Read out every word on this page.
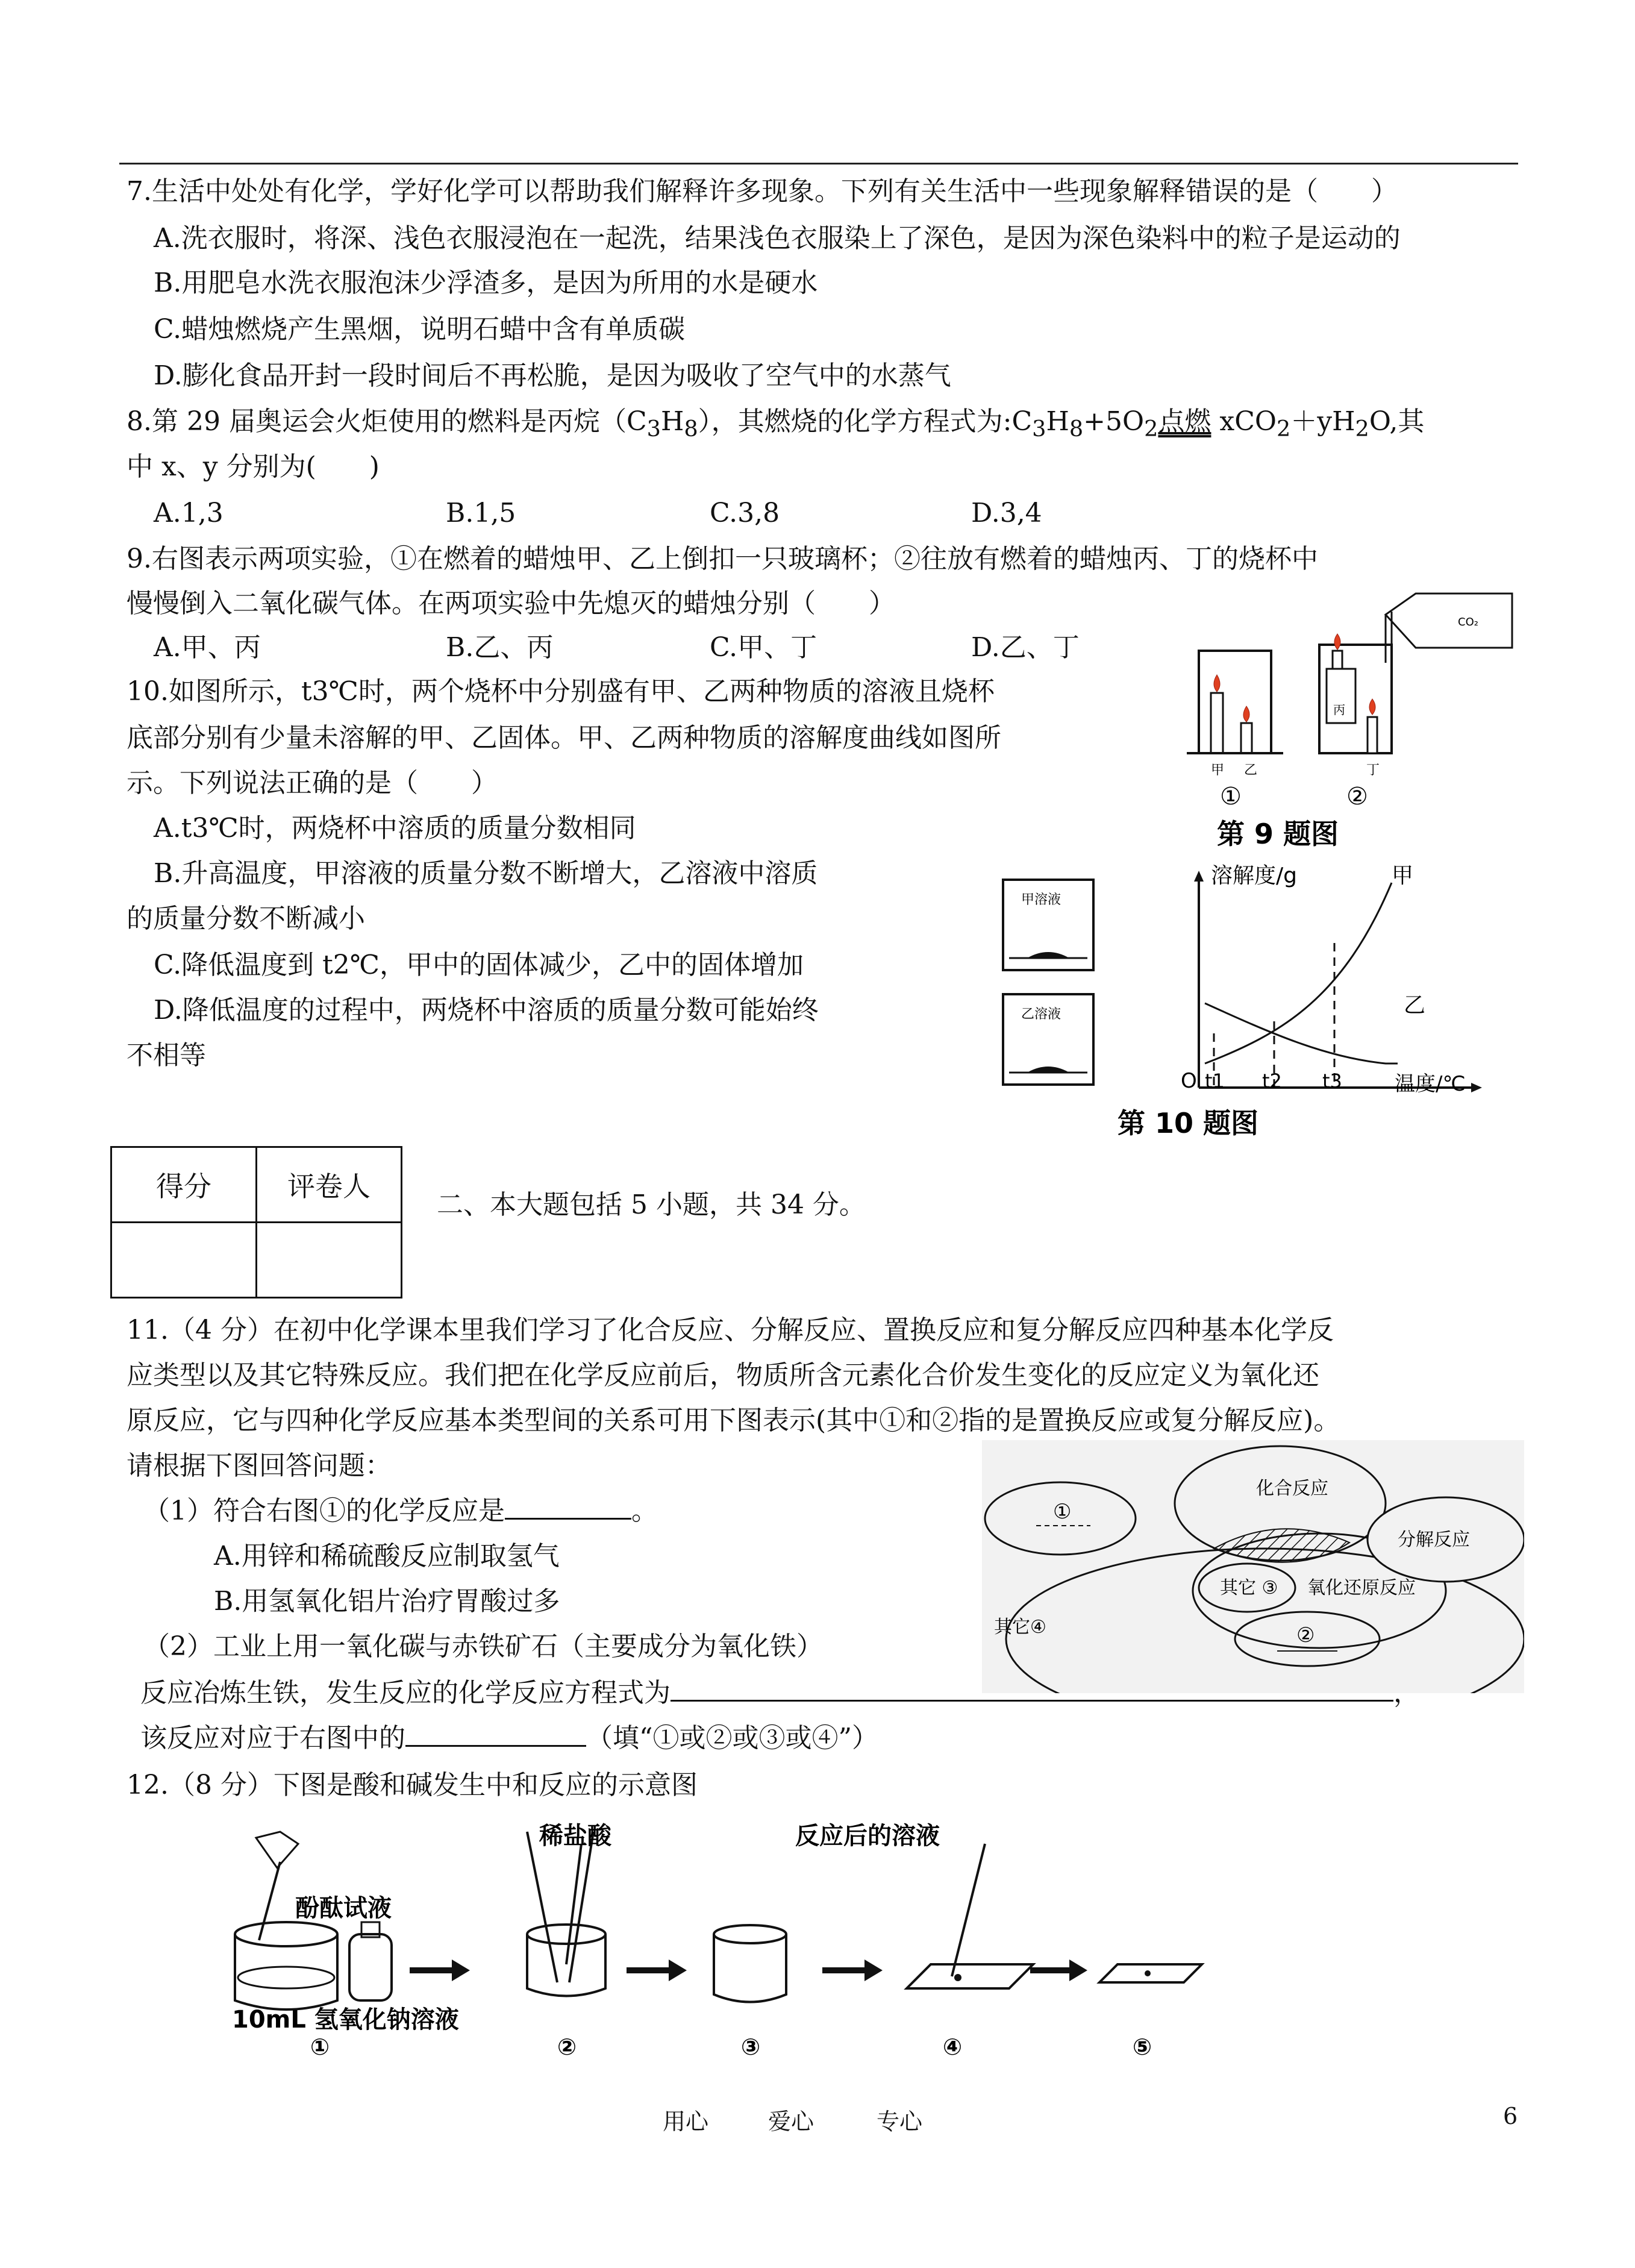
7.生活中处处有化学，学好化学可以帮助我们解释许多现象。下列有关生活中一些现象解释错误的是（　　）
A.洗衣服时，将深、浅色衣服浸泡在一起洗，结果浅色衣服染上了深色，是因为深色染料中的粒子是运动的
B.用肥皂水洗衣服泡沫少浮渣多，是因为所用的水是硬水
C.蜡烛燃烧产生黑烟，说明石蜡中含有单质碳
D.膨化食品开封一段时间后不再松脆，是因为吸收了空气中的水蒸气
8.第 29 届奥运会火炬使用的燃料是丙烷$(C_3H_8)$，其燃烧的化学方程式为$:C_3H_8+5O_2$点燃 $xCO_2+yH_2O$,其
中 x、y 分别为(　　)
A.1,3	B.1,5	C.3,8	D.3,4
9.右图表示两项实验，①在燃着的蜡烛甲、乙上倒扣一只玻璃杯；②往放有燃着的蜡烛丙、丁的烧杯中
慢慢倒入二氧化碳气体。在两项实验中先熄灭的蜡烛分别（　　）
A.甲、丙	B.乙、丙	C.甲、丁	D.乙、丁
甲 乙
①
丙
丁
②
CO₂
第 9 题图
10.如图所示，t3℃时，两个烧杯中分别盛有甲、乙两种物质的溶液且烧杯
底部分别有少量未溶解的甲、乙固体。甲、乙两种物质的溶解度曲线如图所
示。下列说法正确的是（　　）
A.t3℃时，两烧杯中溶质的质量分数相同
B.升高温度，甲溶液的质量分数不断增大，乙溶液中溶质
的质量分数不断减小
C.降低温度到 t2℃，甲中的固体减少，乙中的固体增加
D.降低温度的过程中，两烧杯中溶质的质量分数可能始终
不相等
甲溶液
乙溶液
溶解度/g	甲
乙
O t1 t2 t3	温度/℃
第 10 题图
得分	评卷人

二、本大题包括 5 小题，共 34 分。
11.（4 分）在初中化学课本里我们学习了化合反应、分解反应、置换反应和复分解反应四种基本化学反
应类型以及其它特殊反应。我们把在化学反应前后，物质所含元素化合价发生变化的反应定义为氧化还
原反应，它与四种化学反应基本类型间的关系可用下图表示(其中①和②指的是置换反应或复分解反应)。
请根据下图回答问题：
（1）符合右图①的化学反应是	。
A.用锌和稀硫酸反应制取氢气
B.用氢氧化铝片治疗胃酸过多
（2）工业上用一氧化碳与赤铁矿石（主要成分为氧化铁）
反应冶炼生铁，发生反应的化学反应方程式为
该反应对应于右图中的	（填“①或②或③或④”）
化合反应
分解反应
其它 ③ 氧化还原反应
其它④
①
②
12.（8 分）下图是酸和碱发生中和反应的示意图
酚酞试液
10mL 氢氧化钠溶液
①
稀盐酸
②	③
反应后的溶液
④	⑤
用心	爱心	专心	6
